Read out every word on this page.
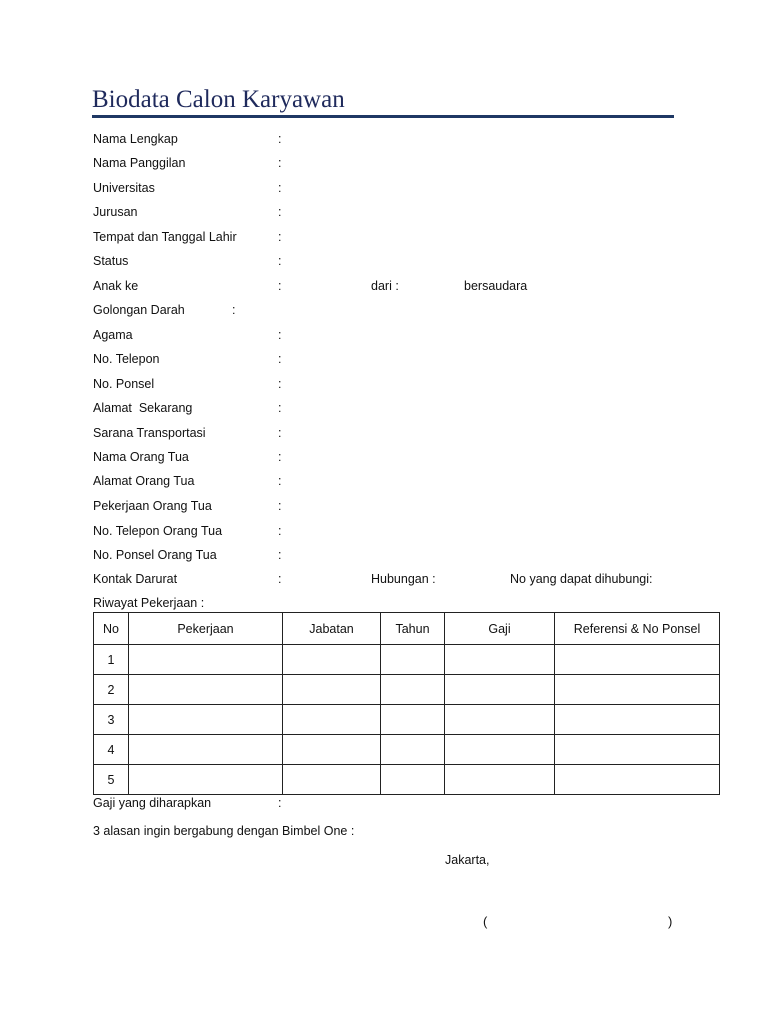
Biodata Calon Karyawan
Nama Lengkap	:
Nama Panggilan	:
Universitas	:
Jurusan	:
Tempat dan Tanggal Lahir	:
Status	:
Anak ke	:	dari :	bersaudara
Golongan Darah	:
Agama	:
No. Telepon	:
No. Ponsel	:
Alamat  Sekarang	:
Sarana Transportasi	:
Nama Orang Tua	:
Alamat Orang Tua	:
Pekerjaan Orang Tua	:
No. Telepon Orang Tua	:
No. Ponsel Orang Tua	:
Kontak Darurat	:	Hubungan :	No yang dapat dihubungi:
Riwayat Pekerjaan :
No	Pekerjaan	Jabatan	Tahun	Gaji	Referensi & No Ponsel
1					
2					
3					
4					
5					
Gaji yang diharapkan	:
3 alasan ingin bergabung dengan Bimbel One :
Jakarta,
(	)
